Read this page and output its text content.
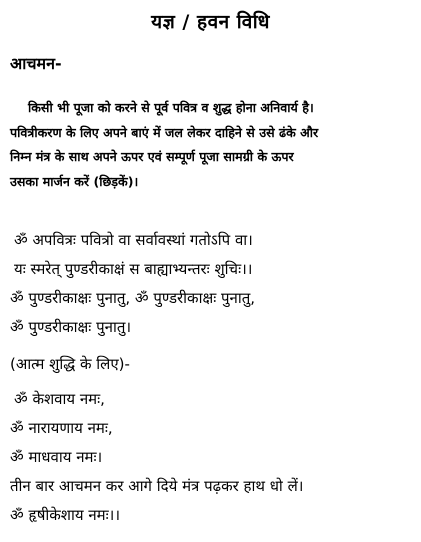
यज्ञ / हवन विधि
आचमन-
किसी भी पूजा को करने से पूर्व पवित्र व शुद्ध होना अनिवार्य है।
पवित्रीकरण के लिए अपने बाएं में जल लेकर दाहिने से उसे ढंके और
निम्न मंत्र के साथ अपने ऊपर एवं सम्पूर्ण पूजा सामग्री के ऊपर
उसका मार्जन करें (छिड़कें)।
ॐ अपवित्रः पवित्रो वा सर्वावस्थां गतोऽपि वा।
यः स्मरेत् पुण्डरीकाक्षं स बाह्याभ्यन्तरः शुचिः।।
ॐ पुण्डरीकाक्षः पुनातु, ॐ पुण्डरीकाक्षः पुनातु,
ॐ पुण्डरीकाक्षः पुनातु।
(आत्म शुद्धि के लिए)-
ॐ केशवाय नमः,
ॐ नारायणाय नमः,
ॐ माधवाय नमः।
तीन बार आचमन कर आगे दिये मंत्र पढ़कर हाथ धो लें।
ॐ हृषीकेशाय नमः।।
